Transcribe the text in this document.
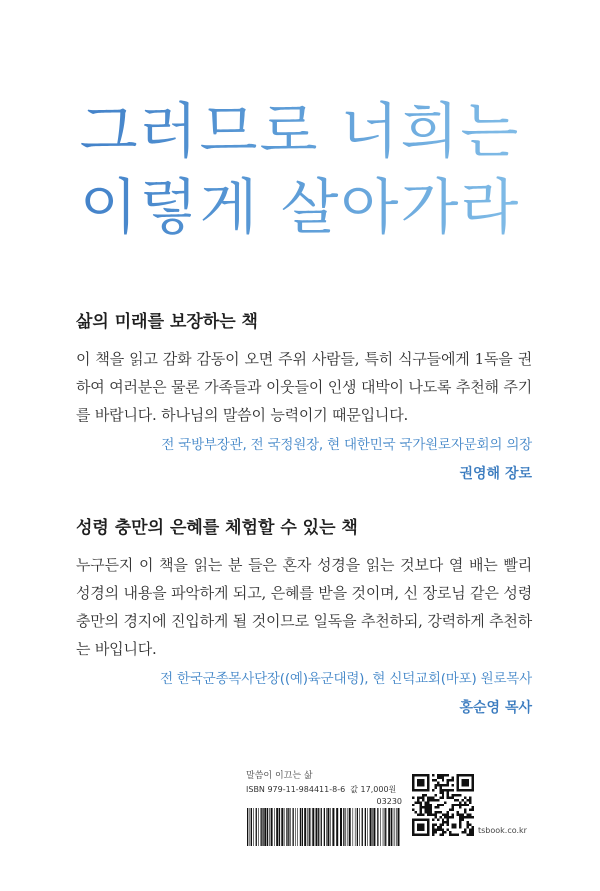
그러므로 너희는
이렇게 살아가라
삶의 미래를 보장하는 책

이 책을 읽고 감화 감동이 오면 주위 사람들, 특히 식구들에게 1독을 권하여 여러분은 물론 가족들과 이웃들이 인생 대박이 나도록 추천해 주기를 바랍니다. 하나님의 말씀이 능력이기 때문입니다.

전 국방부장관, 전 국정원장, 현 대한민국 국가원로자문회의 의장
권영해 장로
성령 충만의 은혜를 체험할 수 있는 책

누구든지 이 책을 읽는 분 들은 혼자 성경을 읽는 것보다 열 배는 빨리 성경의 내용을 파악하게 되고, 은혜를 받을 것이며, 신 장로님 같은 성령 충만의 경지에 진입하게 될 것이므로 일독을 추천하되, 강력하게 추천하는 바입니다.

전 한국군종목사단장((예)육군대령), 현 신덕교회(마포) 원로목사
홍순영 목사
말씀이 이끄는 삶
ISBN 979-11-984411-8-6 값 17,000원
03230
tsbook.co.kr
